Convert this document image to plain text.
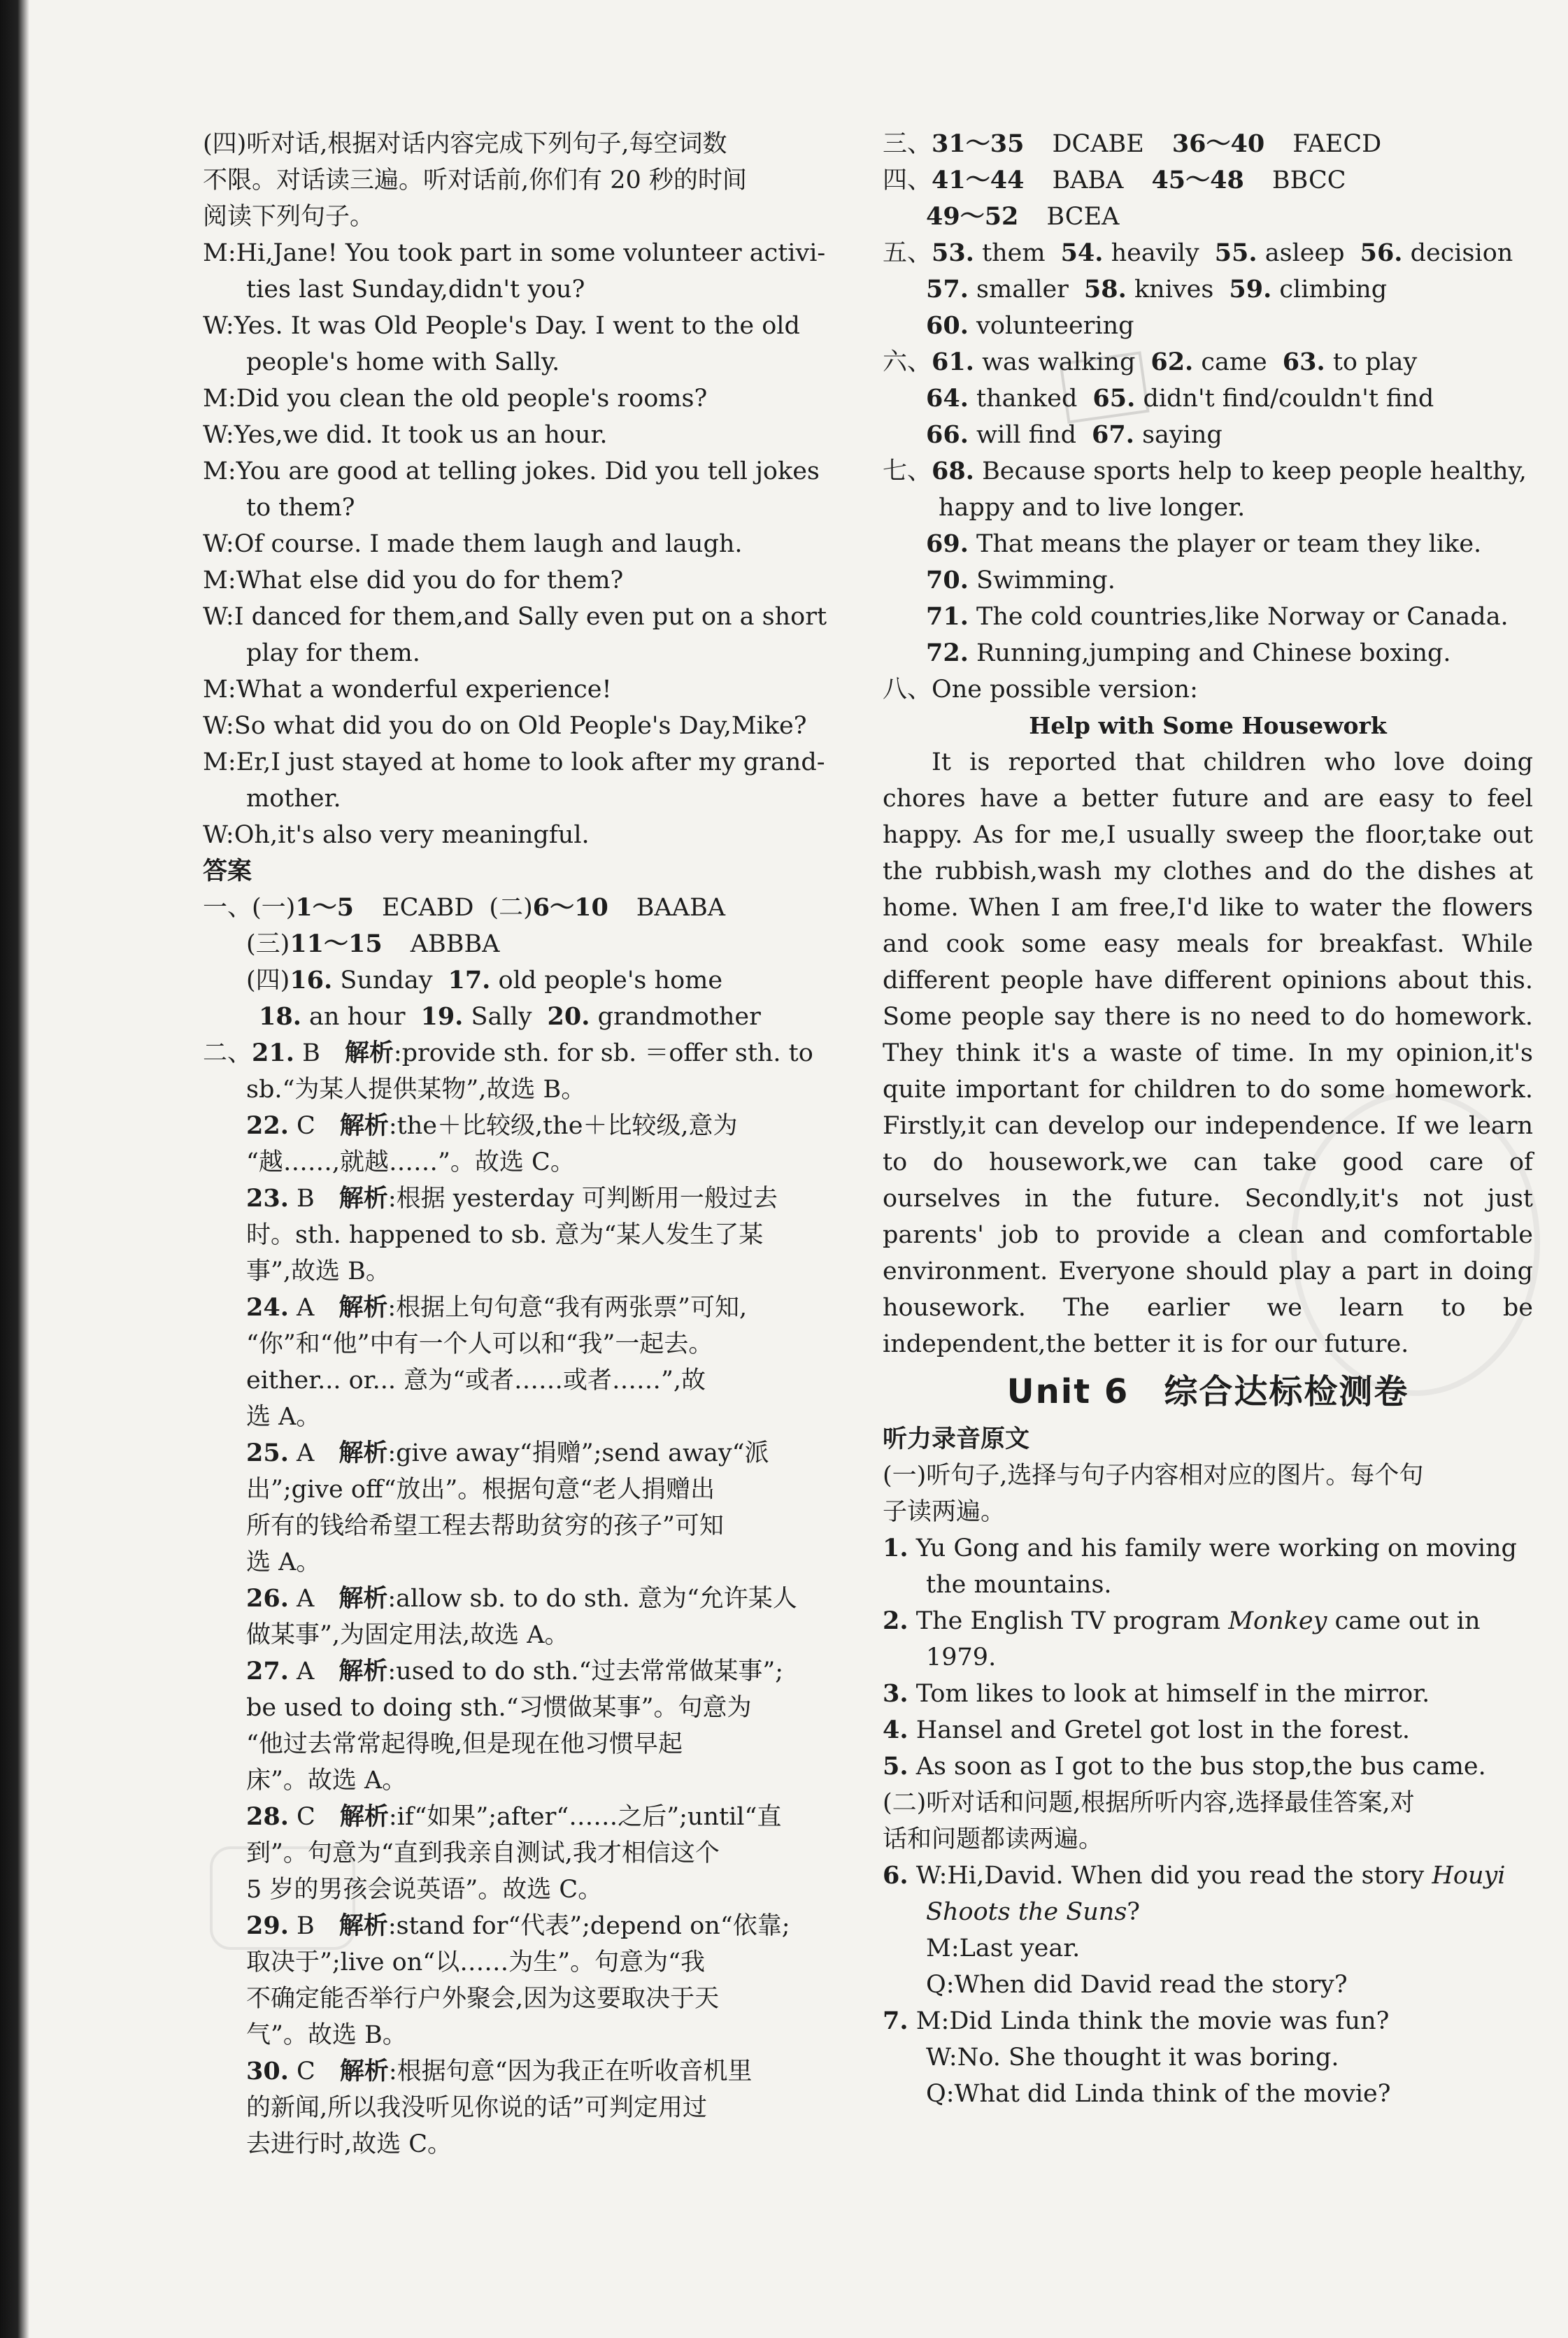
(四)听对话,根据对话内容完成下列句子,每空词数
不限。对话读三遍。听对话前,你们有 20 秒的时间
阅读下列句子。
M:Hi,Jane! You took part in some volunteer activi-
ties last Sunday,didn't you?
W:Yes. It was Old People's Day. I went to the old
people's home with Sally.
M:Did you clean the old people's rooms?
W:Yes,we did. It took us an hour.
M:You are good at telling jokes. Did you tell jokes
to them?
W:Of course. I made them laugh and laugh.
M:What else did you do for them?
W:I danced for them,and Sally even put on a short
play for them.
M:What a wonderful experience!
W:So what did you do on Old People's Day,Mike?
M:Er,I just stayed at home to look after my grand-
mother.
W:Oh,it's also very meaningful.
答案
一、(一)1～5 ECABD (二)6～10 BAABA
(三)11～15 ABBBA
(四)16. Sunday 17. old people's home
18. an hour 19. Sally 20. grandmother
二、21. B　 解析:provide sth. for sb. ＝offer sth. to
sb.“为某人提供某物”,故选 B。
22. C　 解析:the＋比较级,the＋比较级,意为
“越……,就越……”。故选 C。
23. B　 解析:根据 yesterday 可判断用一般过去
时。sth. happened to sb. 意为“某人发生了某
事”,故选 B。
24. A　 解析:根据上句句意“我有两张票”可知,
“你”和“他”中有一个人可以和“我”一起去。
either... or... 意为“或者……或者……”,故
选 A。
25. A　 解析:give away“捐赠”;send away“派
出”;give off“放出”。根据句意“老人捐赠出
所有的钱给希望工程去帮助贫穷的孩子”可知
选 A。
26. A　 解析:allow sb. to do sth. 意为“允许某人
做某事”,为固定用法,故选 A。
27. A　 解析:used to do sth.“过去常常做某事”;
be used to doing sth.“习惯做某事”。句意为
“他过去常常起得晚,但是现在他习惯早起
床”。故选 A。
28. C　 解析:if“如果”;after“……之后”;until“直
到”。句意为“直到我亲自测试,我才相信这个
5 岁的男孩会说英语”。故选 C。
29. B　 解析:stand for“代表”;depend on“依靠;
取决于”;live on“以……为生”。句意为“我
不确定能否举行户外聚会,因为这要取决于天
气”。故选 B。
30. C　 解析:根据句意“因为我正在听收音机里
的新闻,所以我没听见你说的话”可判定用过
去进行时,故选 C。
三、31～35 DCABE 36～40 FAECD
四、41～44 BABA 45～48 BBCC
49～52 BCEA
五、53. them 54. heavily 55. asleep 56. decision
57. smaller 58. knives 59. climbing
60. volunteering
六、61. was walking 62. came 63. to play
64. thanked 65. didn't find/couldn't find
66. will find 67. saying
七、68. Because sports help to keep people healthy,
happy and to live longer.
69. That means the player or team they like.
70. Swimming.
71. The cold countries,like Norway or Canada.
72. Running,jumping and Chinese boxing.
八、One possible version:
Help with Some Housework
It is reported that children who love doing chores have a better future and are easy to feel happy. As for me,I usually sweep the floor,take out the rubbish,wash my clothes and do the dishes at home. When I am free,I'd like to water the flowers and cook some easy meals for breakfast. While different people have different opinions about this. Some people say there is no need to do homework. They think it's a waste of time. In my opinion,it's quite important for children to do some homework. Firstly,it can develop our independence. If we learn to do housework,we can take good care of ourselves in the future. Secondly,it's not just parents' job to provide a clean and comfortable environment. Everyone should play a part in doing housework. The earlier we learn to be independent,the better it is for our future.
Unit 6　综合达标检测卷
听力录音原文
(一)听句子,选择与句子内容相对应的图片。每个句
子读两遍。
1. Yu Gong and his family were working on moving
the mountains.
2. The English TV program Monkey came out in
1979.
3. Tom likes to look at himself in the mirror.
4. Hansel and Gretel got lost in the forest.
5. As soon as I got to the bus stop,the bus came.
(二)听对话和问题,根据所听内容,选择最佳答案,对
话和问题都读两遍。
6. W:Hi,David. When did you read the story Houyi
Shoots the Suns?
M:Last year.
Q:When did David read the story?
7. M:Did Linda think the movie was fun?
W:No. She thought it was boring.
Q:What did Linda think of the movie?
